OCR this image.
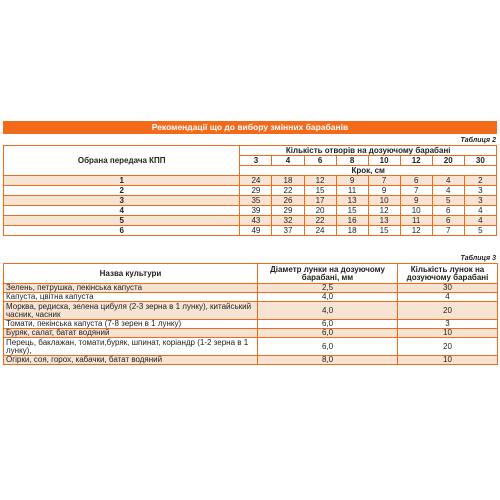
Рекомендації що до вибору змінних барабанів
Таблиця 2
Обрана передача КПП	Кількість отворів на дозуючому барабані							
	3	4	6	8	10	12	20	30
	Крок, см							
1	24	18	12	9	7	6	4	2
2	29	22	15	11	9	7	4	3
3	35	26	17	13	10	9	5	3
4	39	29	20	15	12	10	6	4
5	43	32	22	16	13	11	6	4
6	49	37	24	18	15	12	7	5
Таблиця 3
Назва культури	Діаметр лунки на дозуючому барабані, мм	Кількість лунок на дозуючому барабані
Зелень, петрушка, пекінська капуста	2,5	30
Капуста, цвітна капуста	4,0	4
Морква, редиска, зелена цибуля (2-3 зерна в 1 лунку), китайський часник, часник	4,0	20
Томати, пекінська капуста (7-8 зерен в 1 лунку)	6,0	3
Буряк, салат, батат водяний	6,0	10
Перець, баклажан, томати,буряк, шпинат, коріандр (1-2 зерна в 1 лунку),	6,0	20
Огірки, соя, горох, кабачки, батат водяний	8,0	10
